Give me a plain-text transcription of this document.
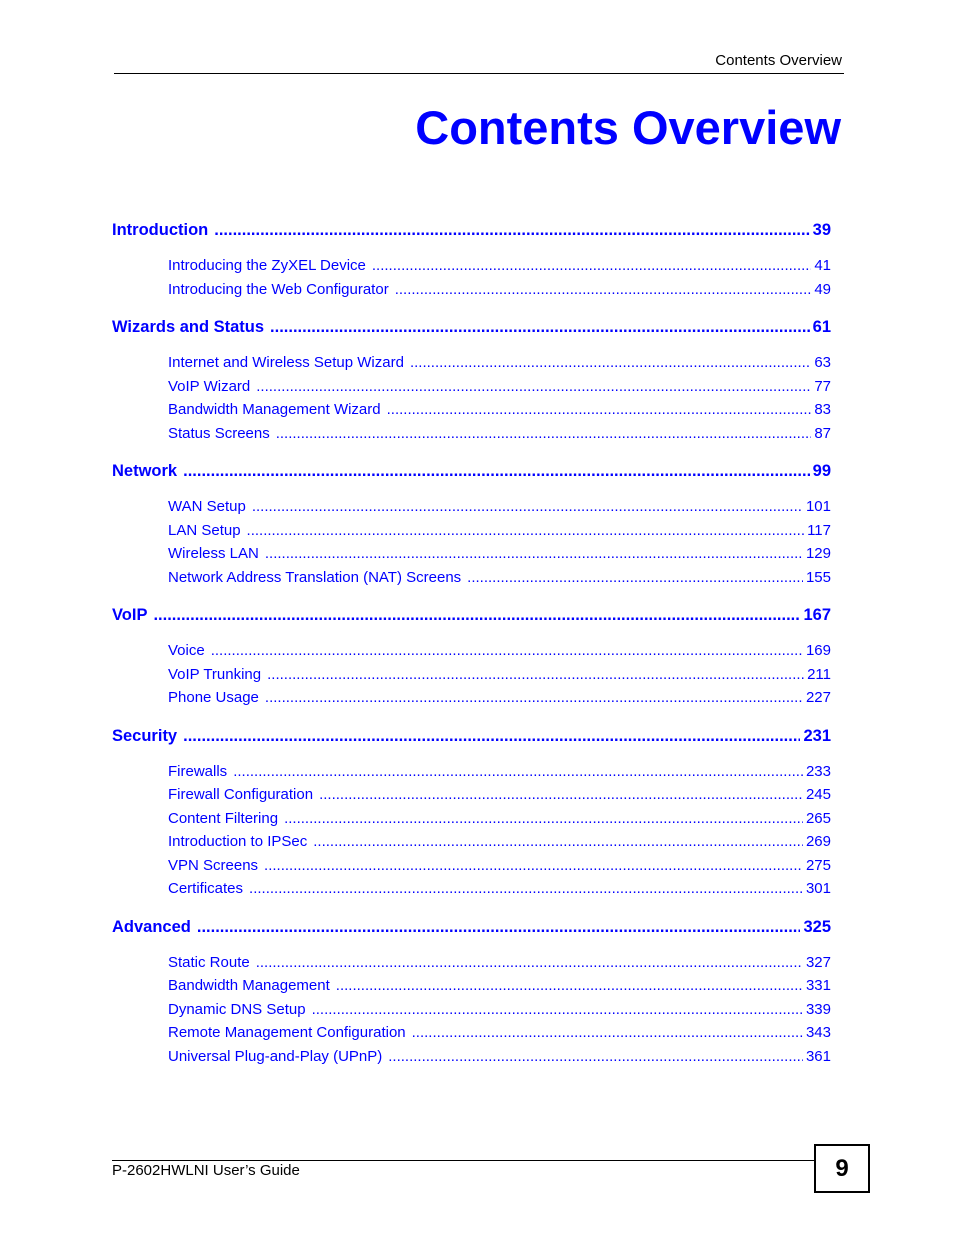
Contents Overview
Contents Overview
Introduction .....	39
Introducing the ZyXEL Device .....	41
Introducing the Web Configurator .....	49
Wizards and Status .....	61
Internet and Wireless Setup Wizard .....	63
VoIP Wizard .....	77
Bandwidth Management Wizard .....	83
Status Screens .....	87
Network .....	99
WAN Setup .....	101
LAN Setup .....	117
Wireless LAN .....	129
Network Address Translation (NAT) Screens .....	155
VoIP .....	167
Voice .....	169
VoIP Trunking .....	211
Phone Usage .....	227
Security .....	231
Firewalls .....	233
Firewall Configuration .....	245
Content Filtering .....	265
Introduction to IPSec .....	269
VPN Screens .....	275
Certificates .....	301
Advanced .....	325
Static Route .....	327
Bandwidth Management .....	331
Dynamic DNS Setup .....	339
Remote Management Configuration .....	343
Universal Plug-and-Play (UPnP) .....	361
P-2602HWLNI User’s Guide	9
